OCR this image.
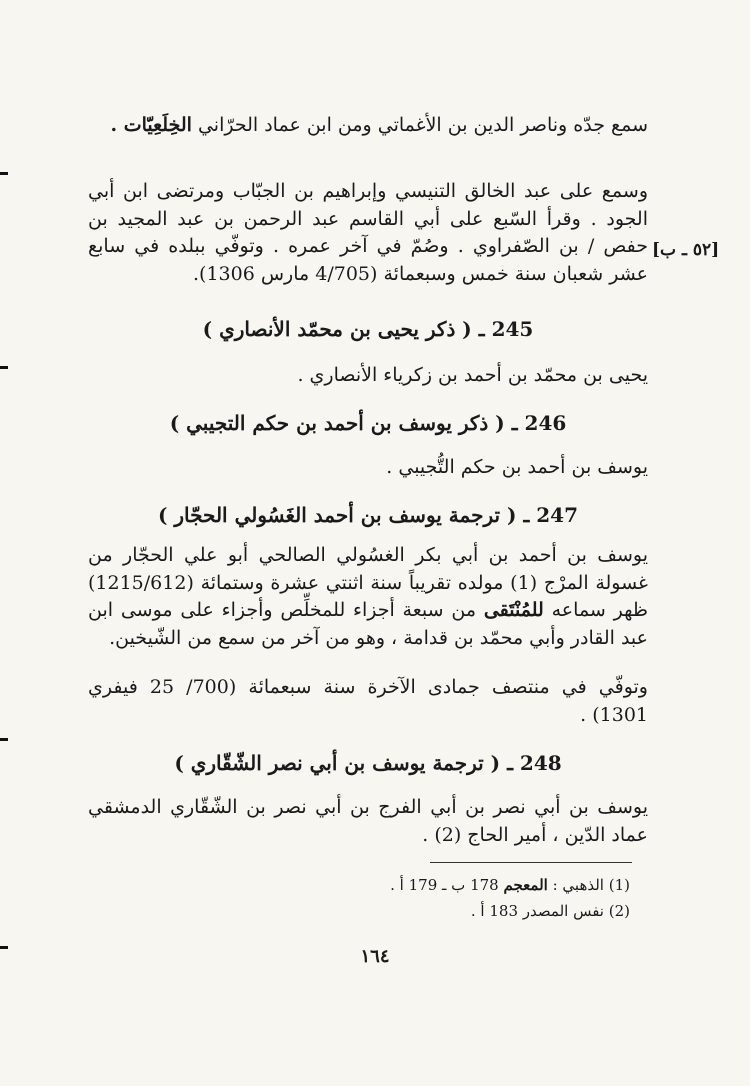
سمع جدّه وناصر الدين بن الأغماتي ومن ابن عماد الحرّاني الخِلَعِيّات .

وسمع على عبد الخالق التنيسي وإبراهيم بن الجبّاب ومرتضى ابن أبي الجود . وقرأ السّبع على أبي القاسم عبد الرحمن بن عبد المجيد بن حفص / بن الصّفراوي . وصُمّ في آخر عمره . وتوفّي ببلده في سابع عشر شعبان سنة خمس وسبعمائة (4/705 مارس 1306).

[٥٢ ـ ب]
245 ـ ( ذكر يحيى بن محمّد الأنصاري )

يحيى بن محمّد بن أحمد بن زكرياء الأنصاري .

246 ـ ( ذكر يوسف بن أحمد بن حكم التجيبي )

يوسف بن أحمد بن حكم التُّجيبي .

247 ـ ( ترجمة يوسف بن أحمد الغَسُولي الحجّار )

يوسف بن أحمد بن أبي بكر الغسُولي الصالحي أبو علي الحجّار من غسولة المرْج (1) مولده تقريباً سنة اثنتي عشرة وستمائة (1215/612) ظهر سماعه للمُنْتَقى من سبعة أجزاء للمخلِّص وأجزاء على موسى ابن عبد القادر وأبي محمّد بن قدامة ، وهو من آخر من سمع من الشّيخين.

وتوفّي في منتصف جمادى الآخرة سنة سبعمائة (700/ 25 فيفري 1301) .

248 ـ ( ترجمة يوسف بن أبي نصر الشّقّاري )

يوسف بن أبي نصر بن أبي الفرج بن أبي نصر بن الشّقّاري الدمشقي عماد الدّين ، أمير الحاج (2) .

(1) الذهبي : المعجم 178 ب ـ 179 أ .

(2) نفس المصدر 183 أ .

١٦٤
